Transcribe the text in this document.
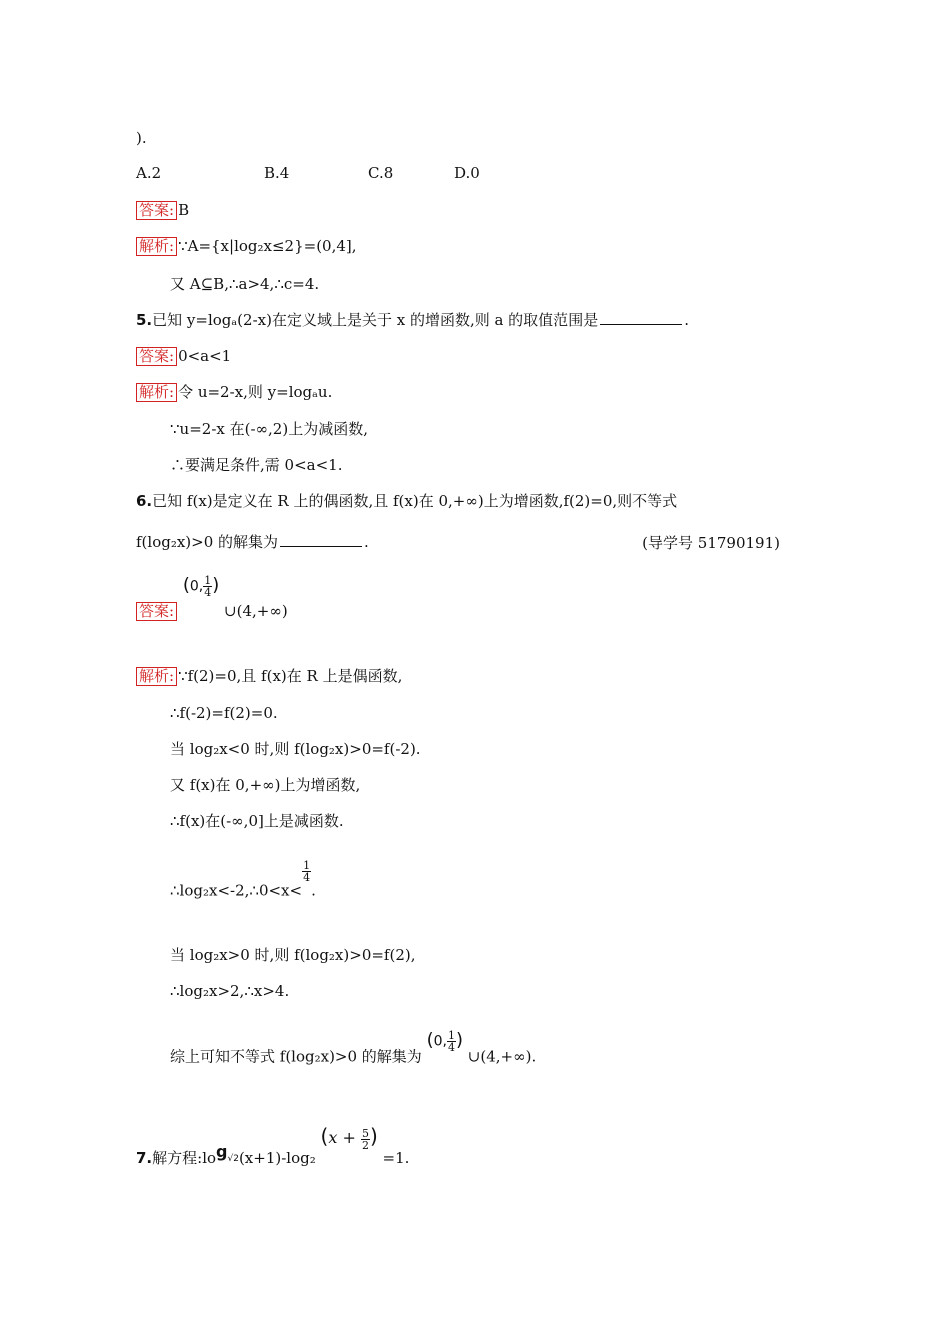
).
A.2	B.4	C.8	D.0
答案: B
解析: ∵A={x|log₂x≤2}=(0,4],
又 A⊆B,∴a>4,∴c=4.
5.已知 y=logₐ(2-x)在定义域上是关于 x 的增函数,则 a 的取值范围是	.
答案: 0<a<1
解析: 令 u=2-x,则 y=logₐu.
∵u=2-x 在(-∞,2)上为减函数,
∴要满足条件,需 0<a<1.
6.已知 f(x)是定义在 R 上的偶函数,且 f(x)在 0,+∞)上为增函数,f(2)=0,则不等式
f(log₂x)>0 的解集为	.	(导学号 51790191)
答案: (0, $\frac{1}{4}$ ) ∪(4,+∞)
解析: ∵f(2)=0,且 f(x)在 R 上是偶函数,
∴f(-2)=f(2)=0.
当 log₂x<0 时,则 f(log₂x)>0=f(-2).
又 f(x)在 0,+∞)上为增函数,
∴f(x)在(-∞,0]上是减函数.
∴log₂x<-2,∴0<x<
$\frac{1}{4}$
.
当 log₂x>0 时,则 f(log₂x)>0=f(2),
∴log₂x>2,∴x>4.
综上可知不等式 f(log₂x)>0 的解集为 (0, $\frac{1}{4}$ ) ∪(4,+∞).
7.解方程:log√2(x+1)-log₂ ($x + \frac{5}{2}$ ) =1.
